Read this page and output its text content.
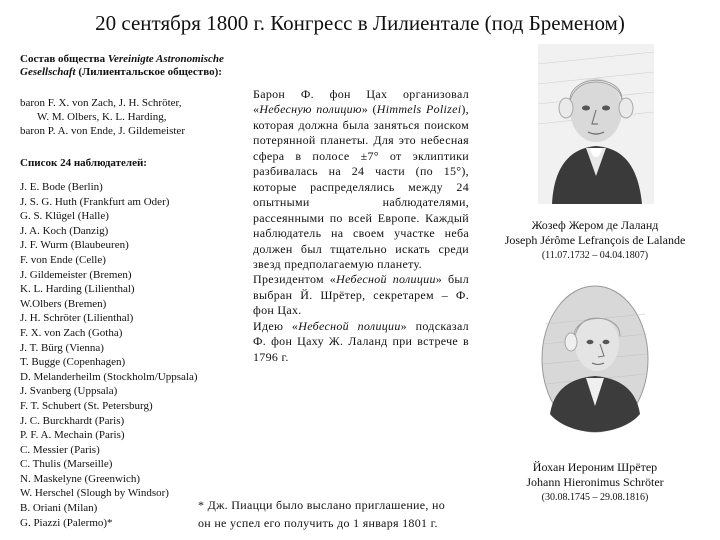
20 сентября 1800 г. Конгресс в Лилиентале (под Бременом)
Состав общества Vereinigte Astronomische Gesellschaft (Лилиентальское общество):
baron F. X. von Zach, J. H. Schröter,
W. M. Olbers, K. L. Harding,
baron P. A. von Ende, J. Gildemeister
Список 24 наблюдателей:
J. E. Bode (Berlin)
J. S. G. Huth (Frankfurt am Oder)
G. S. Klügel (Halle)
J. A. Koch (Danzig)
J. F. Wurm (Blaubeuren)
F. von Ende (Celle)
J. Gildemeister (Bremen)
K. L. Harding (Lilienthal)
W.Olbers (Bremen)
J. H. Schröter (Lilienthal)
F. X. von Zach (Gotha)
J. T. Bürg (Vienna)
T. Bugge (Copenhagen)
D. Melanderheilm (Stockholm/Uppsala)
J. Svanberg (Uppsala)
F. T. Schubert (St. Petersburg)
J. C. Burckhardt (Paris)
P. F. A. Mechain (Paris)
C. Messier (Paris)
C. Thulis (Marseille)
N. Maskelyne (Greenwich)
W. Herschel (Slough by Windsor)
B. Oriani (Milan)
G. Piazzi (Palermo)*

Барон Ф. фон Цах организовал «Небесную полицию» (Himmels Polizei), которая должна была заняться поиском потерянной планеты. Для это небесная сфера в полосе ±7° от эклиптики разбивалась на 24 части (по 15°), которые распределялись между 24 опытными наблюдателями, рассеянными по всей Европе. Каждый наблюдатель на своем участке неба должен был тщательно искать среди звезд предполагаемую планету.

Президентом «Небесной полиции» был выбран Й. Шрётер, секретарем – Ф. фон Цах.

Идею «Небесной полиции» подсказал Ф. фон Цаху Ж. Лаланд при встрече в 1796 г.

* Дж. Пиацци было выслано приглашение, но
он не успел его получить до 1 января 1801 г.
Жозеф Жером де Лаланд
Joseph Jérôme Lefrançois de Lalande
(11.07.1732 – 04.04.1807)
Йохан Иероним Шрётер
Johann Hieronimus Schröter
(30.08.1745 – 29.08.1816)
